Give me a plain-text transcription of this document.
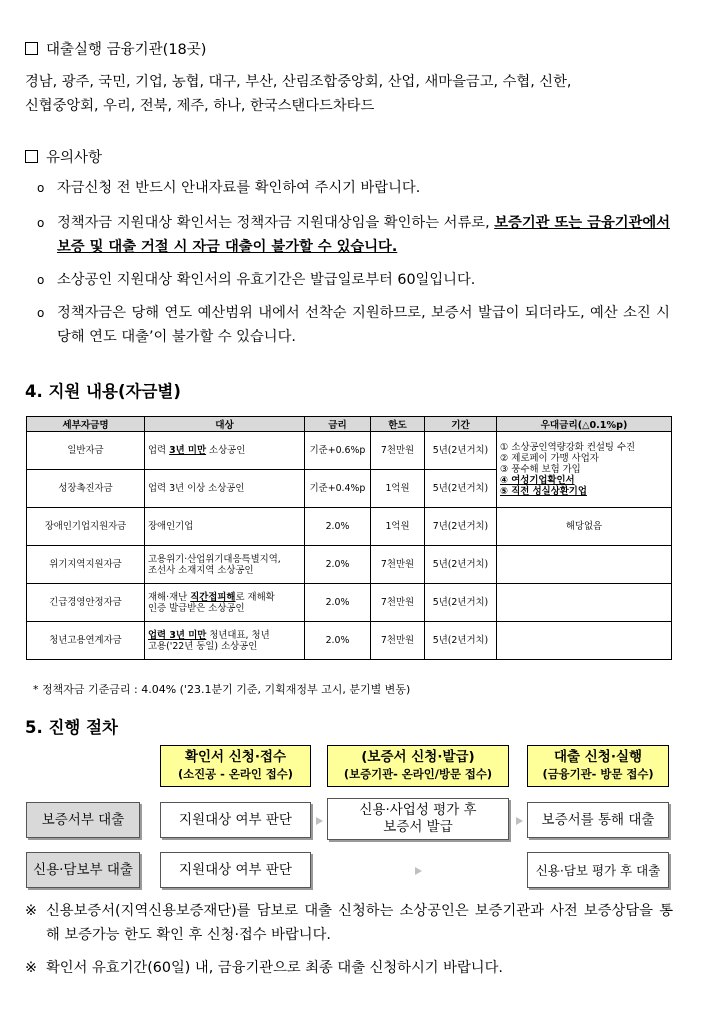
대출실행 금융기관(18곳)
경남, 광주, 국민, 기업, 농협, 대구, 부산, 산림조합중앙회, 산업, 새마을금고, 수협, 신한,
신협중앙회, 우리, 전북, 제주, 하나, 한국스탠다드차타드
유의사항
ο 자금신청 전 반드시 안내자료를 확인하여 주시기 바랍니다.
ο 정책자금 지원대상 확인서는 정책자금 지원대상임을 확인하는 서류로, 보증기관 또는 금융기관에서 보증 및 대출 거절 시 자금 대출이 불가할 수 있습니다.
ο 소상공인 지원대상 확인서의 유효기간은 발급일로부터 60일입니다.
ο 정책자금은 당해 연도 예산범위 내에서 선착순 지원하므로, 보증서 발급이 되더라도, 예산 소진 시 당해 연도 대출’이 불가할 수 있습니다.
4. 지원 내용(자금별)
세부자금명	대상	금리	한도	기간	우대금리(△0.1%p)
일반자금	업력 3년 미만 소상공인	기준+0.6%p	7천만원	5년(2년거치)	① 소상공인역량강화 컨설팅 수진
② 제로페이 가맹 사업자
③ 풍수해 보험 가입
④ 여성기업확인서
⑤ 직전 성실상환기업

성장촉진자금	업력 3년 이상 소상공인	기준+0.4%p	1억원	5년(2년거치)	
장애인기업지원자금	장애인기업	2.0%	1억원	7년(2년거치)	해당없음
위기지역지원자금	고용위기·산업위기대응특별지역,
조선사 소재지역 소상공인	2.0%	7천만원	5년(2년거치)	
긴급경영안정자금	재해·재난 직간접피해로 재해확
인증 발급받은 소상공인	2.0%	7천만원	5년(2년거치)	
청년고용연계자금	업력 3년 미만 청년대표, 청년
고용('22년 동일) 소상공인	2.0%	7천만원	5년(2년거치)	
* 정책자금 기준금리 : 4.04% ('23.1분기 기준, 기획재정부 고시, 분기별 변동)
5. 진행 절차
확인서 신청·접수
(소진공 - 온라인 접수)
(보증서 신청·발급)
(보증기관- 온라인/방문 접수)
대출 신청·실행
(금융기관- 방문 접수)
보증서부 대출	지원대상 여부 판단
신용·사업성 평가 후
보증서 발급	보증서를 통해 대출
신용·담보부 대출	지원대상 여부 판단	신용·담보 평가 후 대출
※ 신용보증서(지역신용보증재단)를 담보로 대출 신청하는 소상공인은 보증기관과 사전 보증상담을 통해 보증가능 한도 확인 후 신청·접수 바랍니다.
※ 확인서 유효기간(60일) 내, 금융기관으로 최종 대출 신청하시기 바랍니다.
